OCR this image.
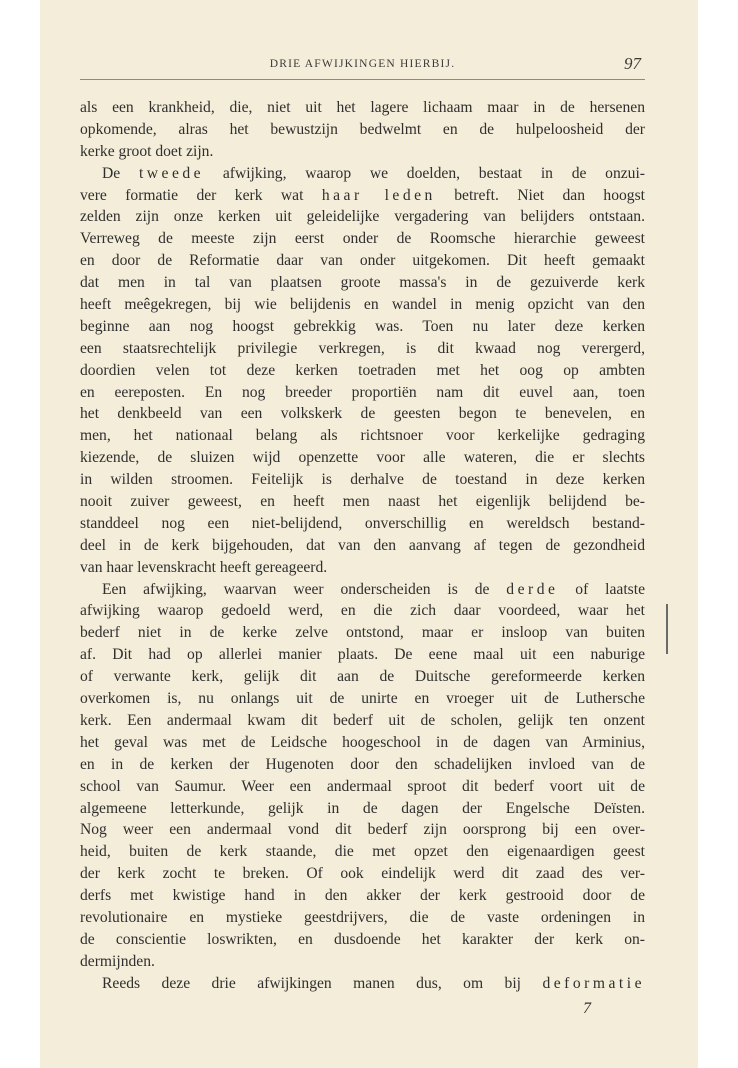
DRIE AFWIJKINGEN HIERBIJ.	97
als een krankheid, die, niet uit het lagere lichaam maar in de hersenen
opkomende, alras het bewustzijn bedwelmt en de hulpeloosheid der
kerke groot doet zijn.
De tweede afwijking, waarop we doelden, bestaat in de onzui-
vere formatie der kerk wat haar leden betreft. Niet dan hoogst
zelden zijn onze kerken uit geleidelijke vergadering van belijders ontstaan.
Verreweg de meeste zijn eerst onder de Roomsche hierarchie geweest
en door de Reformatie daar van onder uitgekomen. Dit heeft gemaakt
dat men in tal van plaatsen groote massa's in de gezuiverde kerk
heeft meêgekregen, bij wie belijdenis en wandel in menig opzicht van den
beginne aan nog hoogst gebrekkig was. Toen nu later deze kerken
een staatsrechtelijk privilegie verkregen, is dit kwaad nog verergerd,
doordien velen tot deze kerken toetraden met het oog op ambten
en eereposten. En nog breeder proportiën nam dit euvel aan, toen
het denkbeeld van een volkskerk de geesten begon te benevelen, en
men, het nationaal belang als richtsnoer voor kerkelijke gedraging
kiezende, de sluizen wijd openzette voor alle wateren, die er slechts
in wilden stroomen. Feitelijk is derhalve de toestand in deze kerken
nooit zuiver geweest, en heeft men naast het eigenlijk belijdend be-
standdeel nog een niet-belijdend, onverschillig en wereldsch bestand-
deel in de kerk bijgehouden, dat van den aanvang af tegen de gezondheid
van haar levenskracht heeft gereageerd.
Een afwijking, waarvan weer onderscheiden is de derde of laatste
afwijking waarop gedoeld werd, en die zich daar voordeed, waar het
bederf niet in de kerke zelve ontstond, maar er insloop van buiten
af. Dit had op allerlei manier plaats. De eene maal uit een naburige
of verwante kerk, gelijk dit aan de Duitsche gereformeerde kerken
overkomen is, nu onlangs uit de unirte en vroeger uit de Luthersche
kerk. Een andermaal kwam dit bederf uit de scholen, gelijk ten onzent
het geval was met de Leidsche hoogeschool in de dagen van Arminius,
en in de kerken der Hugenoten door den schadelijken invloed van de
school van Saumur. Weer een andermaal sproot dit bederf voort uit de
algemeene letterkunde, gelijk in de dagen der Engelsche Deïsten.
Nog weer een andermaal vond dit bederf zijn oorsprong bij een over-
heid, buiten de kerk staande, die met opzet den eigenaardigen geest
der kerk zocht te breken. Of ook eindelijk werd dit zaad des ver-
derfs met kwistige hand in den akker der kerk gestrooid door de
revolutionaire en mystieke geestdrijvers, die de vaste ordeningen in
de conscientie loswrikten, en dusdoende het karakter der kerk on-
dermijnden.
Reeds deze drie afwijkingen manen dus, om bij deformatie
7
